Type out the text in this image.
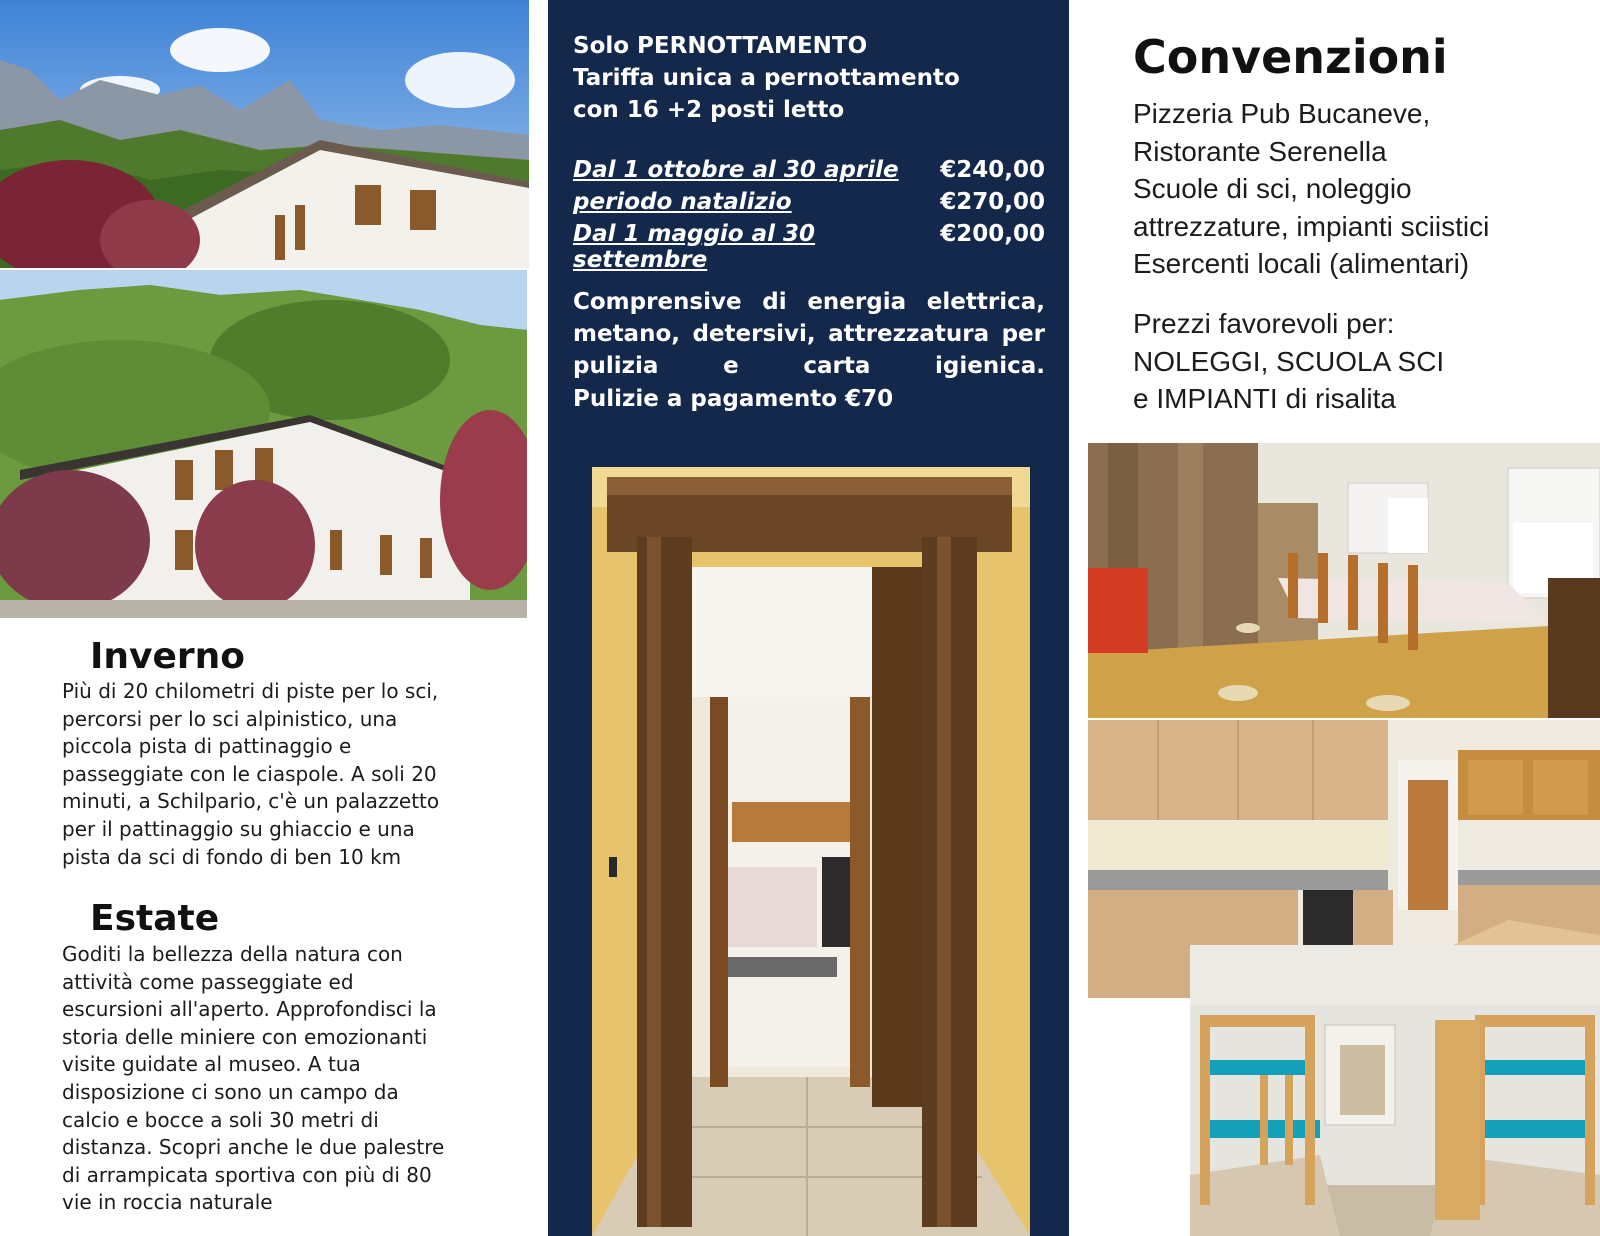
Inverno
Più di 20 chilometri di piste per lo sci,
percorsi per lo sci alpinistico, una
piccola pista di pattinaggio e
passeggiate con le ciaspole. A soli 20
minuti, a Schilpario, c'è un palazzetto
per il pattinaggio su ghiaccio e una
pista da sci di fondo di ben 10 km
Estate
Goditi la bellezza della natura con
attività come passeggiate ed
escursioni all'aperto. Approfondisci la
storia delle miniere con emozionanti
visite guidate al museo. A tua
disposizione ci sono un campo da
calcio e bocce a soli 30 metri di
distanza. Scopri anche le due palestre
di arrampicata sportiva con più di 80
vie in roccia naturale
Solo PERNOTTAMENTO
Tariffa unica a pernottamento
con 16 +2 posti letto
Dal 1 ottobre al 30 aprile €240,00
periodo natalizio	€270,00
Dal 1 maggio al 30 settembre
€200,00
Comprensive di energia elettrica, metano, detersivi, attrezzatura per pulizia e carta igienica.
Pulizie a pagamento €70
Convenzioni
Pizzeria Pub Bucaneve,
Ristorante Serenella
Scuole di sci, noleggio
attrezzature, impianti sciistici
Esercenti locali (alimentari)
Prezzi favorevoli per:
NOLEGGI, SCUOLA SCI
e IMPIANTI di risalita
